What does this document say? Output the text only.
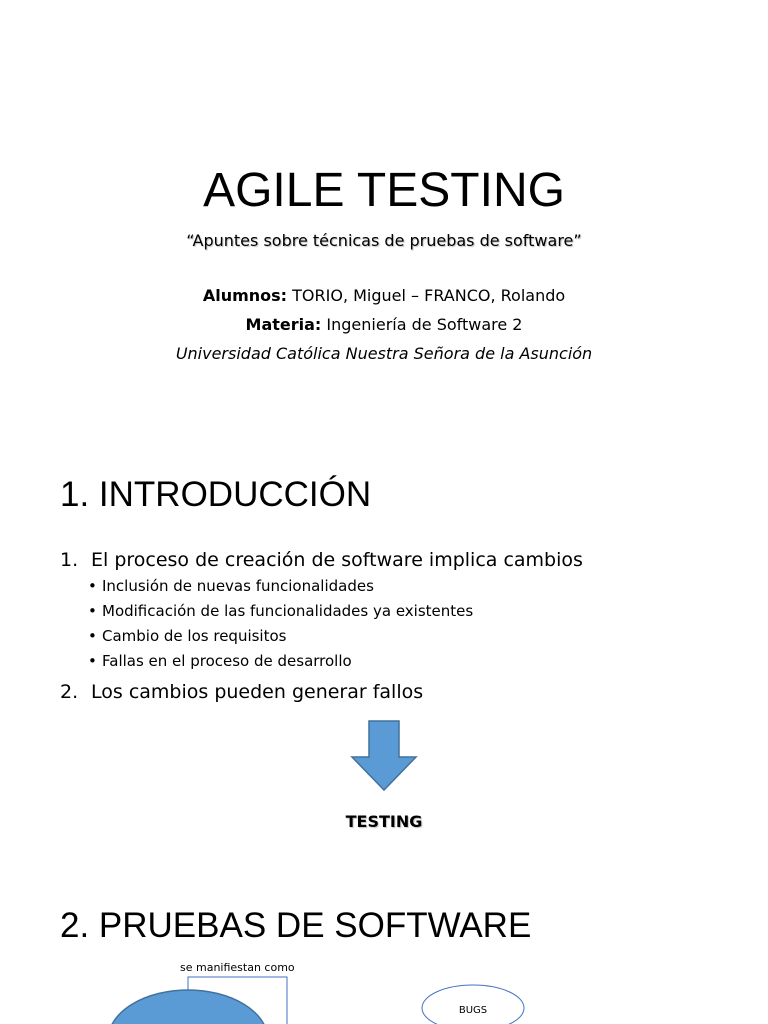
AGILE TESTING
“Apuntes sobre técnicas de pruebas de software”
Alumnos: TORIO, Miguel – FRANCO, Rolando
Materia: Ingeniería de Software 2
Universidad Católica Nuestra Señora de la Asunción
1. INTRODUCCIÓN
1. El proceso de creación de software implica cambios
• Inclusión de nuevas funcionalidades
• Modificación de las funcionalidades ya existentes
• Cambio de los requisitos
• Fallas en el proceso de desarrollo
2. Los cambios pueden generar fallos
TESTING
2. PRUEBAS DE SOFTWARE
se manifiestan como
BUGS
